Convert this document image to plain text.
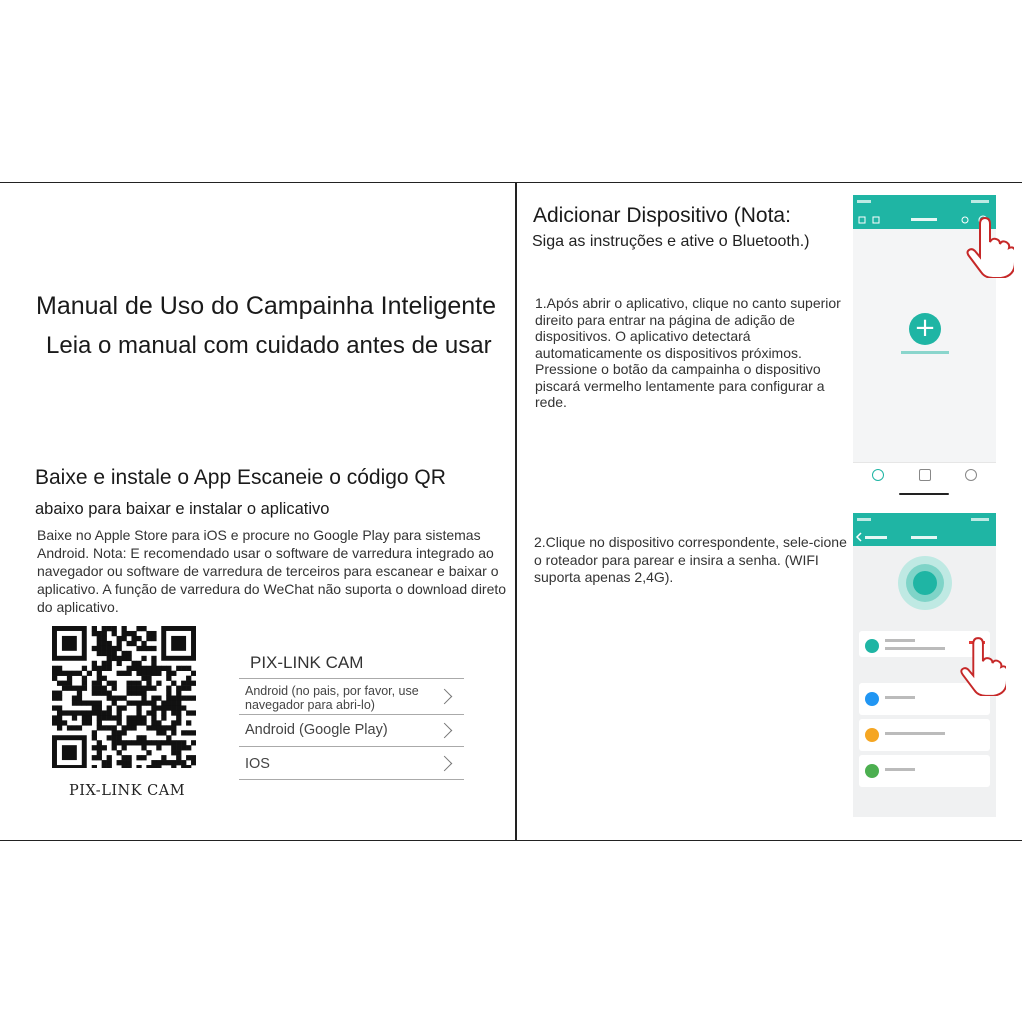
Manual de Uso do Campainha Inteligente
Leia o manual com cuidado antes de usar
Baixe e instale o App Escaneie o código QR
abaixo para baixar e instalar o aplicativo
Baixe no Apple Store para iOS e procure no Google Play para sistemas Android. Nota: E recomendado usar o software de varredura integrado ao navegador ou software de varredura de terceiros para escanear e baixar o aplicativo. A função de varredura do WeChat não suporta o download direto do aplicativo.
PIX-LINK CAM
PIX-LINK CAM
Android (no pais, por favor, use
navegador para abri-lo)
Android (Google Play)
IOS
Adicionar Dispositivo (Nota:
Siga as instruções e ative o Bluetooth.)
1.Após abrir o aplicativo, clique no canto superior direito para entrar na página de adição de dispositivos. O aplicativo detectará automaticamente os dispositivos próximos. Pressione o botão da campainha o dispositivo piscará vermelho lentamente para configurar a rede.
2.Clique no dispositivo correspondente, sele-cione o roteador para parear e insira a senha. (WIFI suporta apenas 2,4G).
+
